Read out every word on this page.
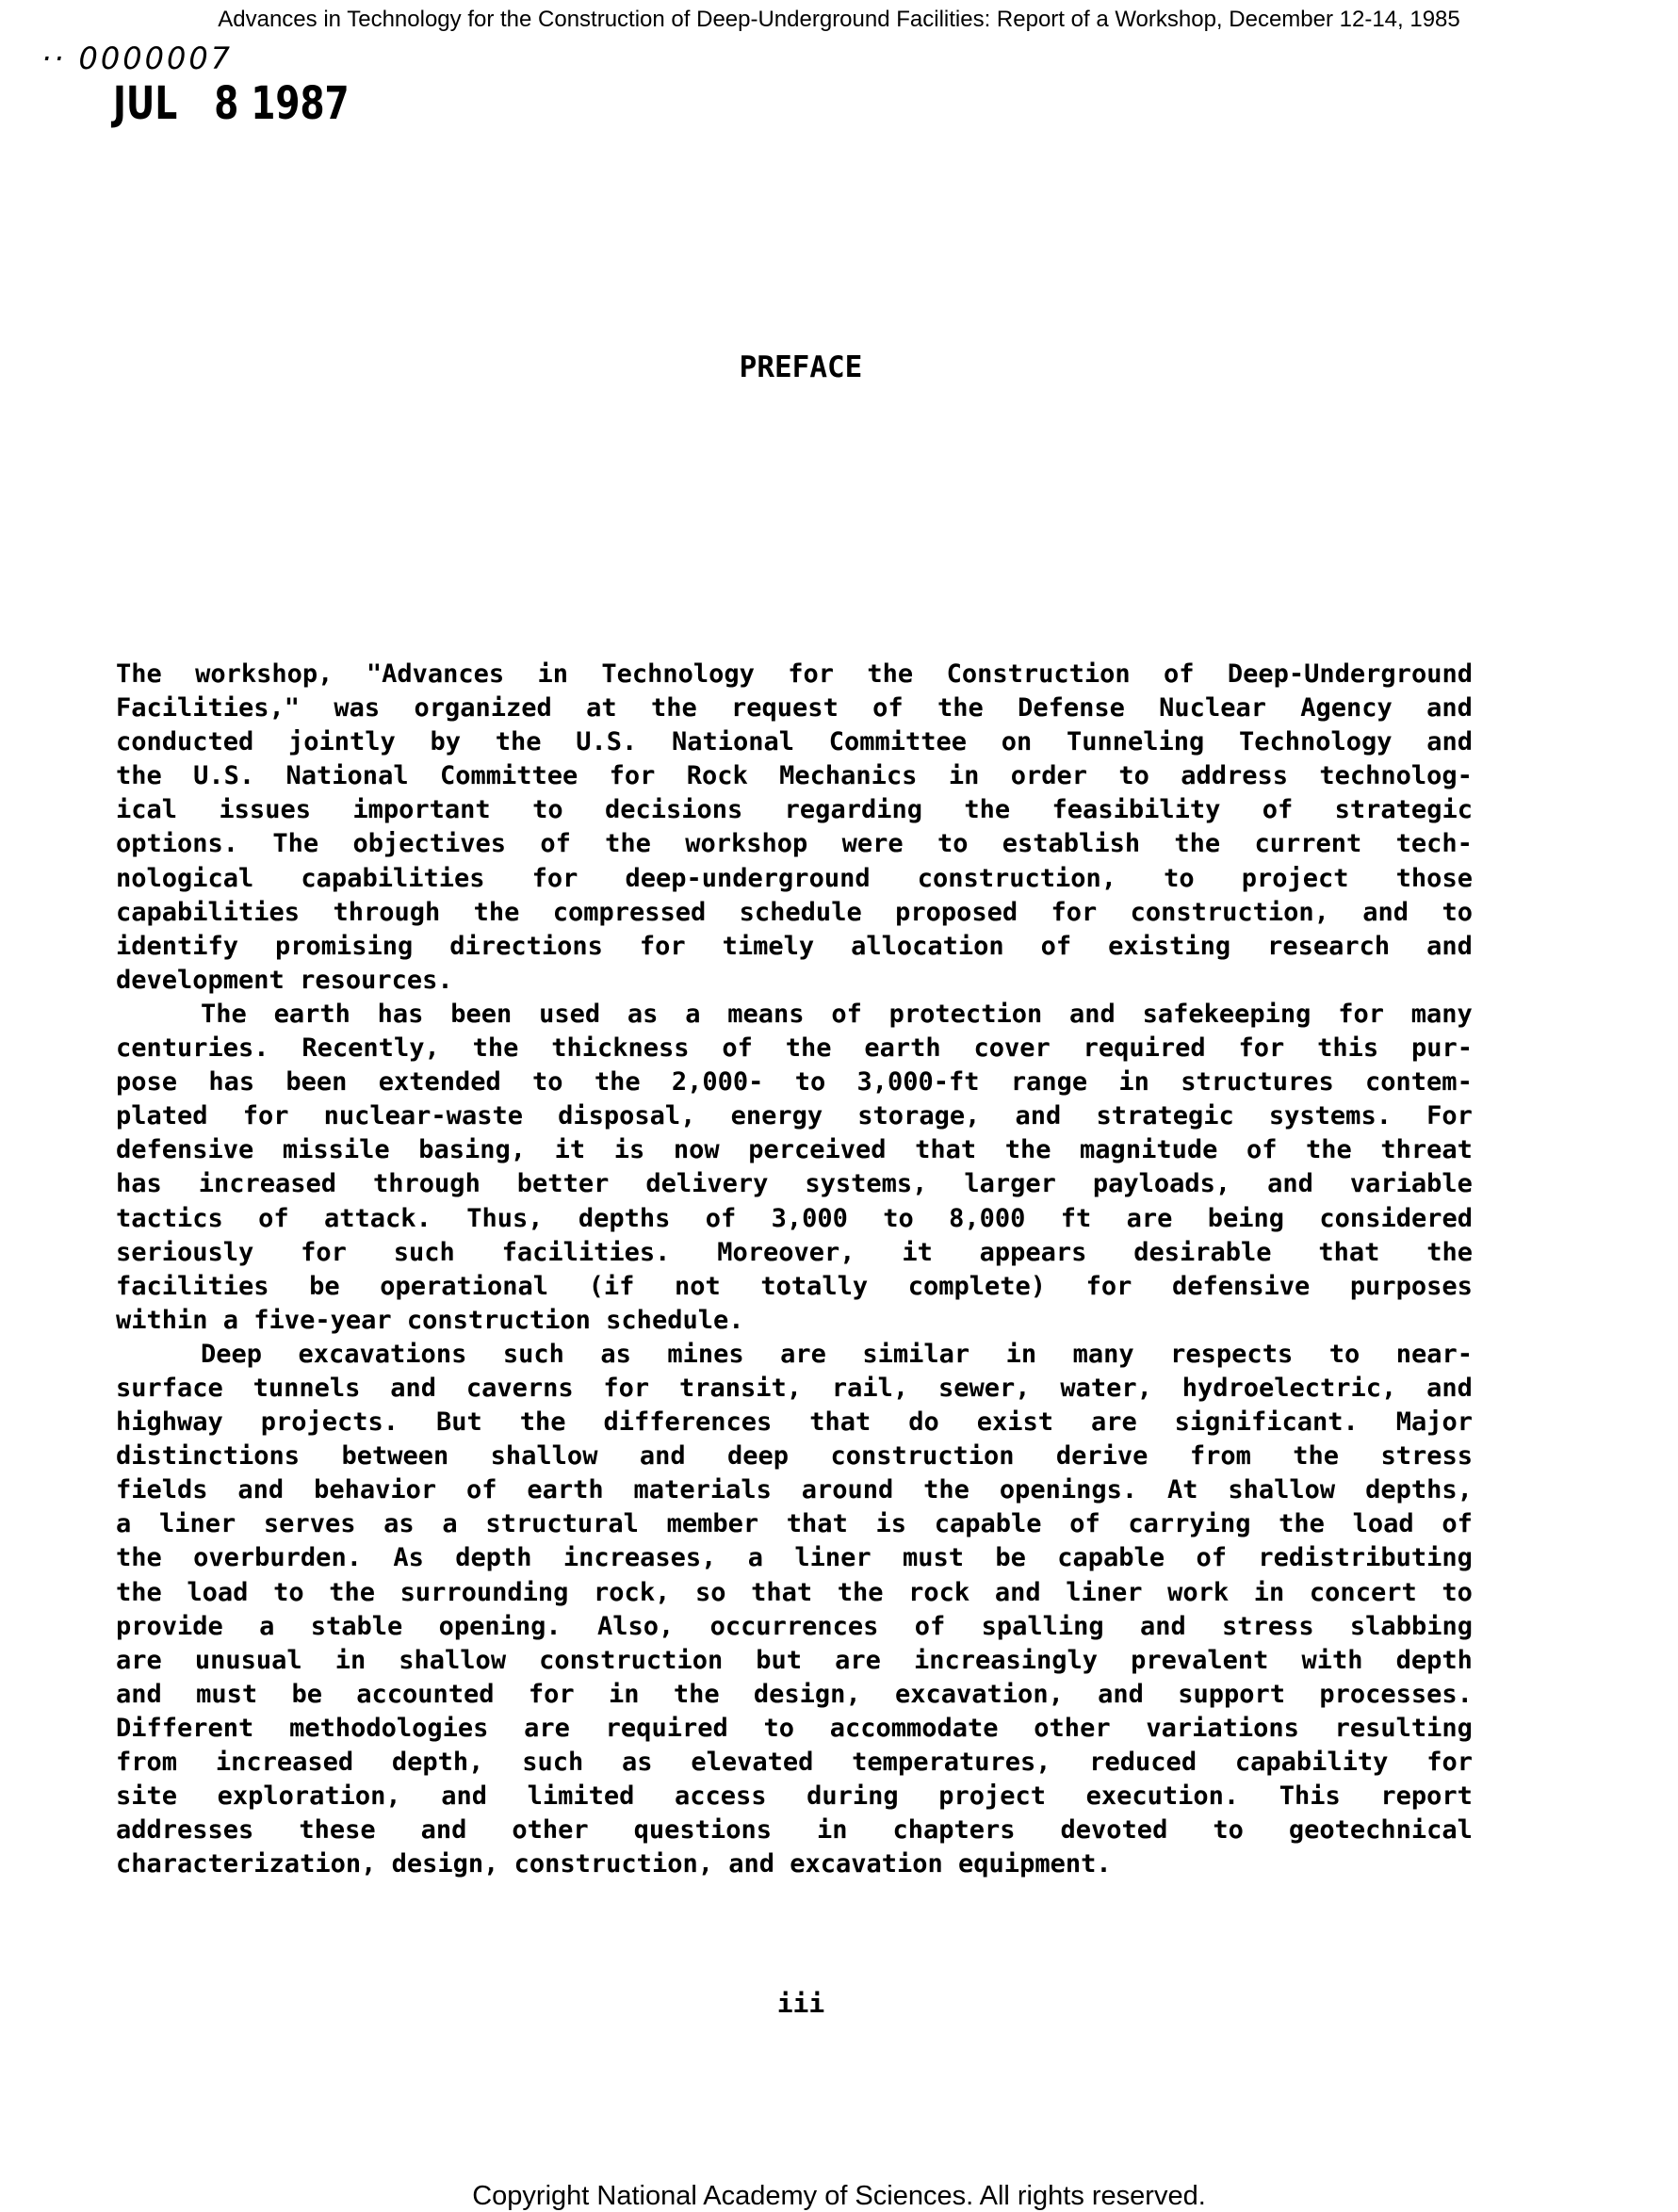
Advances in Technology for the Construction of Deep-Underground Facilities: Report of a Workshop, December 12-14, 1985
·· 0000007
JUL   8 1987
PREFACE
The workshop, "Advances in Technology for the Construction of Deep-Underground
Facilities," was organized at the request of the Defense Nuclear Agency and
conducted jointly by the U.S. National Committee on Tunneling Technology and
the U.S. National Committee for Rock Mechanics in order to address technolog-
ical issues important to decisions regarding the feasibility of strategic
options. The objectives of the workshop were to establish the current tech-
nological capabilities for deep-underground construction, to project those
capabilities through the compressed schedule proposed for construction, and to
identify promising directions for timely allocation of existing research and
development resources.
The earth has been used as a means of protection and safekeeping for many
centuries. Recently, the thickness of the earth cover required for this pur-
pose has been extended to the 2,000- to 3,000-ft range in structures contem-
plated for nuclear-waste disposal, energy storage, and strategic systems. For
defensive missile basing, it is now perceived that the magnitude of the threat
has increased through better delivery systems, larger payloads, and variable
tactics of attack. Thus, depths of 3,000 to 8,000 ft are being considered
seriously for such facilities. Moreover, it appears desirable that the
facilities be operational (if not totally complete) for defensive purposes
within a five-year construction schedule.
Deep excavations such as mines are similar in many respects to near-
surface tunnels and caverns for transit, rail, sewer, water, hydroelectric, and
highway projects. But the differences that do exist are significant. Major
distinctions between shallow and deep construction derive from the stress
fields and behavior of earth materials around the openings. At shallow depths,
a liner serves as a structural member that is capable of carrying the load of
the overburden. As depth increases, a liner must be capable of redistributing
the load to the surrounding rock, so that the rock and liner work in concert to
provide a stable opening. Also, occurrences of spalling and stress slabbing
are unusual in shallow construction but are increasingly prevalent with depth
and must be accounted for in the design, excavation, and support processes.
Different methodologies are required to accommodate other variations resulting
from increased depth, such as elevated temperatures, reduced capability for
site exploration, and limited access during project execution. This report
addresses these and other questions in chapters devoted to geotechnical
characterization, design, construction, and excavation equipment.
iii
Copyright National Academy of Sciences. All rights reserved.
